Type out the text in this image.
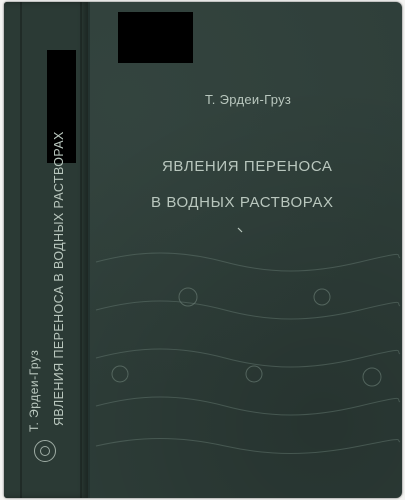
Т. Эрдеи-Груз ЯВЛЕНИЯ ПЕРЕНОСА В ВОДНЫХ РАСТВОРАХ
Т. Эрдеи-Груз
ЯВЛЕНИЯ ПЕРЕНОСА
В ВОДНЫХ РАСТВОРАХ
